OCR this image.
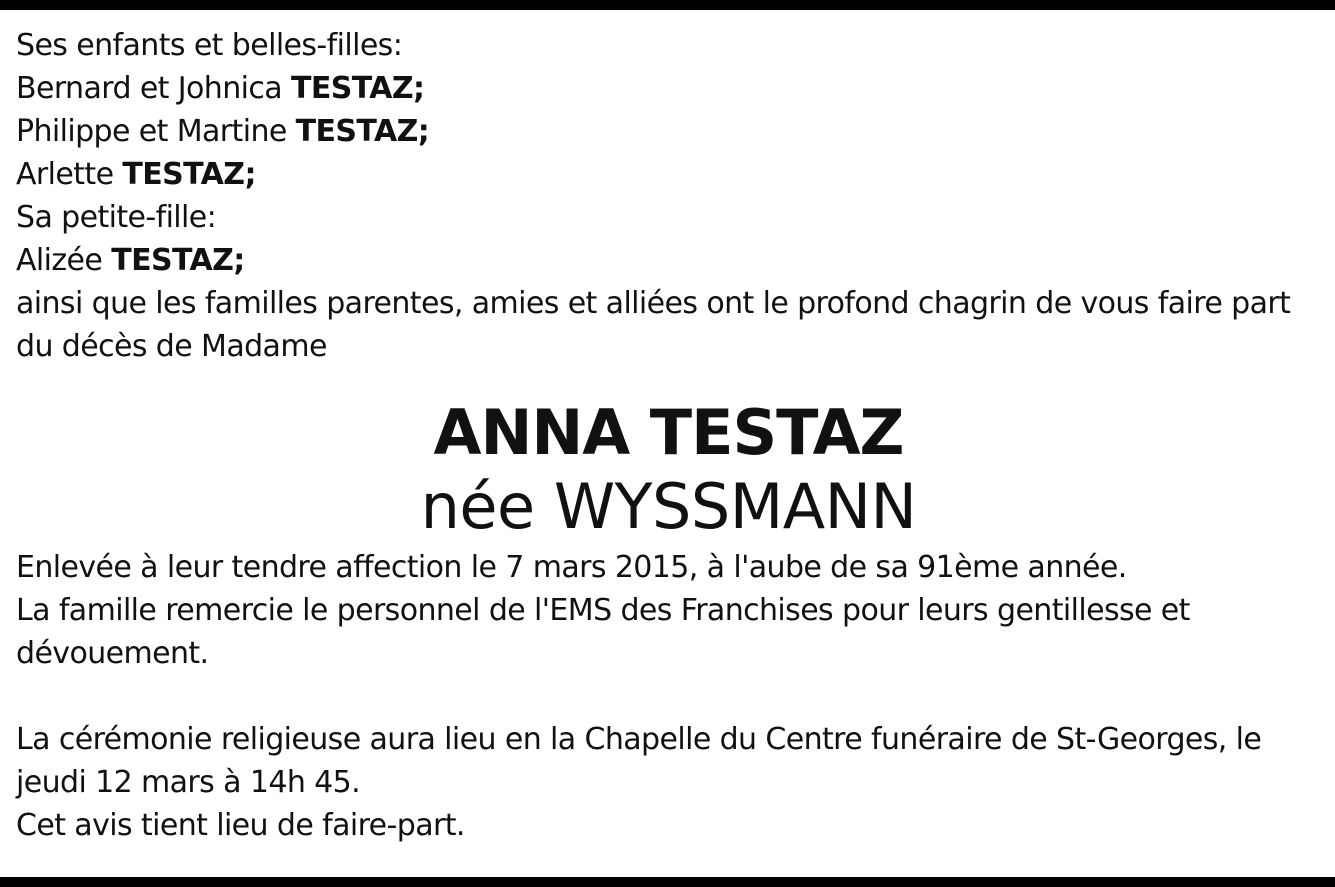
Ses enfants et belles-filles:
Bernard et Johnica TESTAZ;
Philippe et Martine TESTAZ;
Arlette TESTAZ;
Sa petite-fille:
Alizée TESTAZ;
ainsi que les familles parentes, amies et alliées ont le profond chagrin de vous faire part du décès de Madame
ANNA TESTAZ
née WYSSMANN
Enlevée à leur tendre affection le 7 mars 2015, à l'aube de sa 91ème année.
La famille remercie le personnel de l'EMS des Franchises pour leurs gentillesse et dévouement.
La cérémonie religieuse aura lieu en la Chapelle du Centre funéraire de St-Georges, le jeudi 12 mars à 14h 45.
Cet avis tient lieu de faire-part.
